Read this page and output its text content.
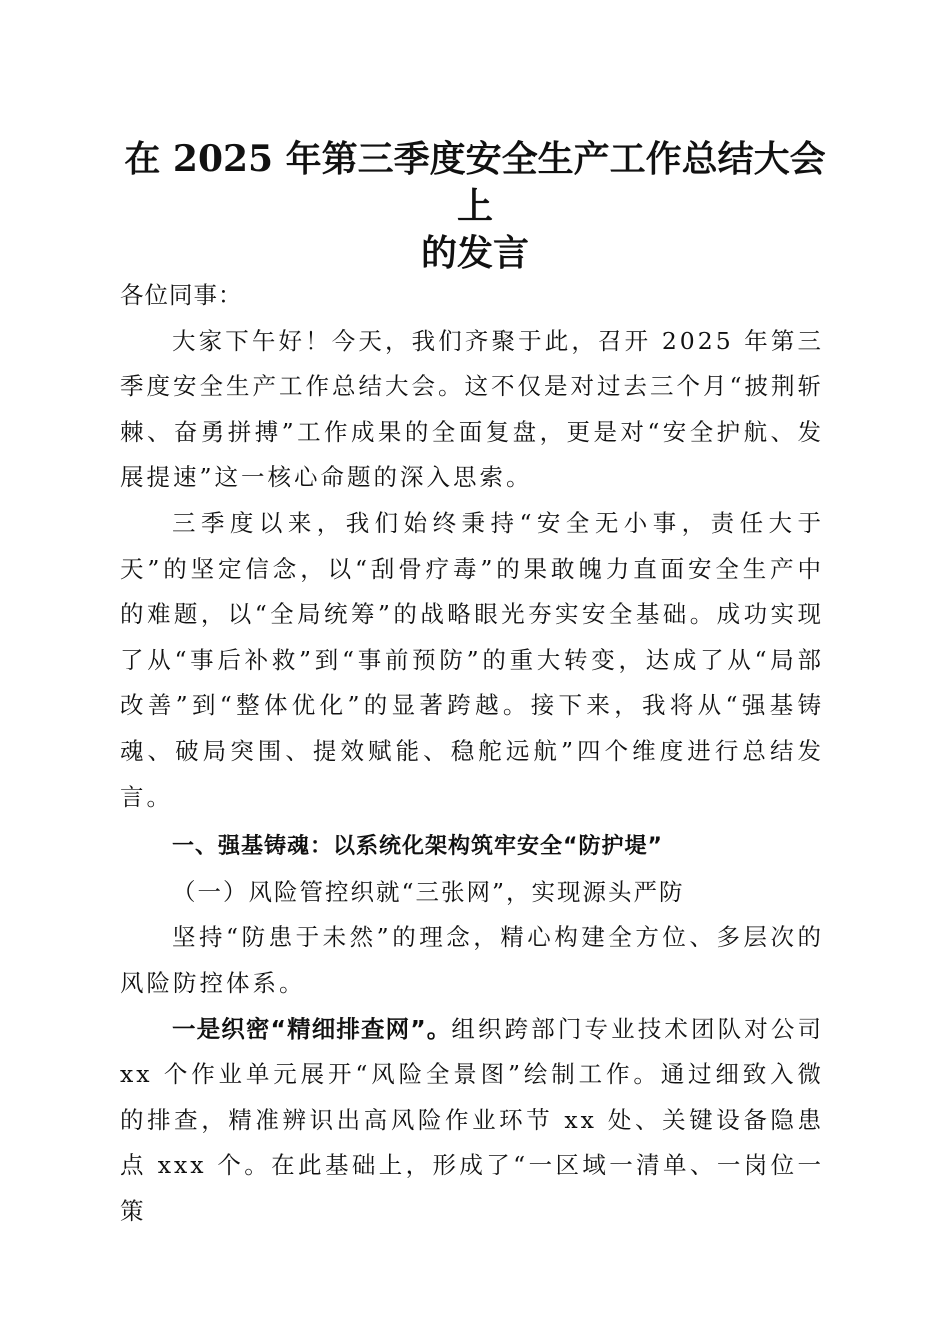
在 2025 年第三季度安全生产工作总结大会上
的发言

各位同事：

大家下午好！今天，我们齐聚于此，召开 2025 年第三季度安全生产工作总结大会。这不仅是对过去三个月“披荆斩棘、奋勇拼搏”工作成果的全面复盘，更是对“安全护航、发展提速”这一核心命题的深入思索。

三季度以来，我们始终秉持“安全无小事，责任大于天”的坚定信念，以“刮骨疗毒”的果敢魄力直面安全生产中的难题，以“全局统筹”的战略眼光夯实安全基础。成功实现了从“事后补救”到“事前预防”的重大转变，达成了从“局部改善”到“整体优化”的显著跨越。接下来，我将从“强基铸魂、破局突围、提效赋能、稳舵远航”四个维度进行总结发言。

一、强基铸魂：以系统化架构筑牢安全“防护堤”

（一）风险管控织就“三张网”，实现源头严防

坚持“防患于未然”的理念，精心构建全方位、多层次的风险防控体系。

一是织密“精细排查网”。组织跨部门专业技术团队对公司 xx 个作业单元展开“风险全景图”绘制工作。通过细致入微的排查，精准辨识出高风险作业环节 xx 处、关键设备隐患点 xxx 个。在此基础上，形成了“一区域一清单、一岗位一策
